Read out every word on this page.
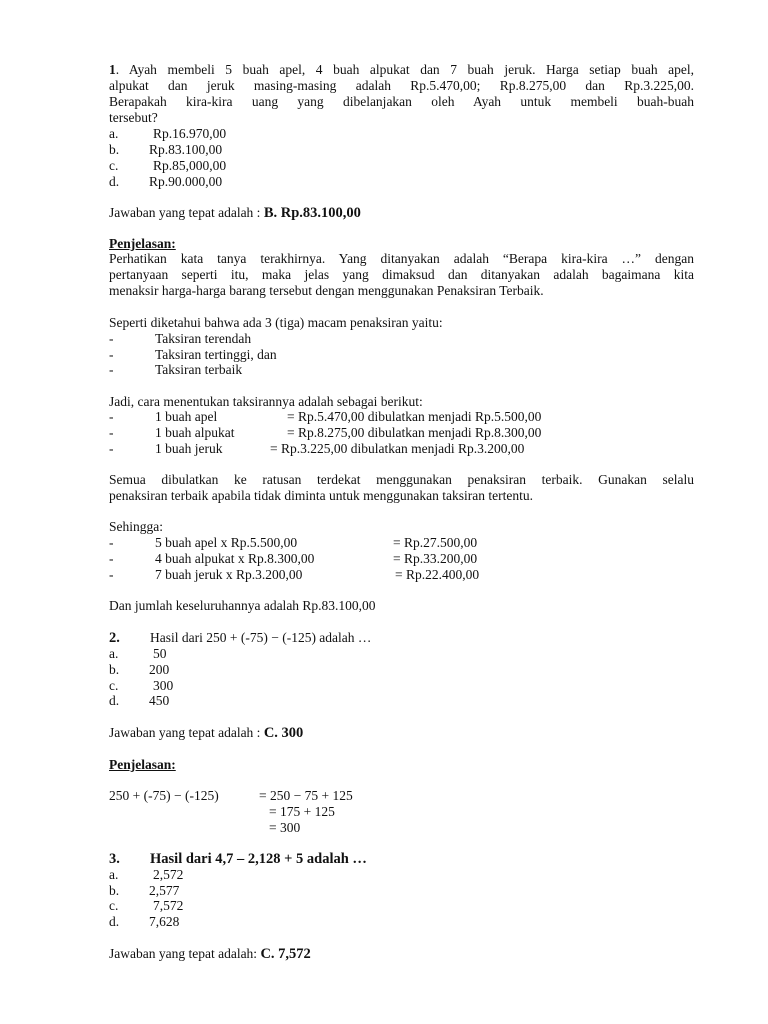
1. Ayah membeli 5 buah apel, 4 buah alpukat dan 7 buah jeruk. Harga setiap buah apel,
alpukat dan jeruk masing-masing adalah Rp.5.470,00; Rp.8.275,00 dan Rp.3.225,00.
Berapakah kira-kira uang yang dibelanjakan oleh Ayah untuk membeli buah-buah
tersebut?
a.	Rp.16.970,00
b. Rp.83.100,00
c.	Rp.85,000,00
d. Rp.90.000,00
Jawaban yang tepat adalah : B. Rp.83.100,00
Penjelasan:
Perhatikan kata tanya terakhirnya. Yang ditanyakan adalah “Berapa kira-kira …” dengan
pertanyaan seperti itu, maka jelas yang dimaksud dan ditanyakan adalah bagaimana kita
menaksir harga-harga barang tersebut dengan menggunakan Penaksiran Terbaik.
Seperti diketahui bahwa ada 3 (tiga) macam penaksiran yaitu:
-	Taksiran terendah
-	Taksiran tertinggi, dan
-	Taksiran terbaik
Jadi, cara menentukan taksirannya adalah sebagai berikut:
-	1 buah apel	= Rp.5.470,00 dibulatkan menjadi Rp.5.500,00
-	1 buah alpukat	= Rp.8.275,00 dibulatkan menjadi Rp.8.300,00
-	1 buah jeruk	= Rp.3.225,00 dibulatkan menjadi Rp.3.200,00
Semua dibulatkan ke ratusan terdekat menggunakan penaksiran terbaik. Gunakan selalu
penaksiran terbaik apabila tidak diminta untuk menggunakan taksiran tertentu.
Sehingga:
-	5 buah apel x Rp.5.500,00	= Rp.27.500,00
-	4 buah alpukat x Rp.8.300,00	= Rp.33.200,00
-	7 buah jeruk x Rp.3.200,00	= Rp.22.400,00
Dan jumlah keseluruhannya adalah Rp.83.100,00
2. Hasil dari 250 + (-75) − (-125) adalah …
a.	50
b. 200
c.	300
d. 450
Jawaban yang tepat adalah : C. 300
Penjelasan:
250 + (-75) − (-125)	= 250 − 75 + 125
= 175 + 125
= 300
3. Hasil dari 4,7 – 2,128 + 5 adalah …
a.	2,572
b. 2,577
c.	7,572
d. 7,628
Jawaban yang tepat adalah: C. 7,572
